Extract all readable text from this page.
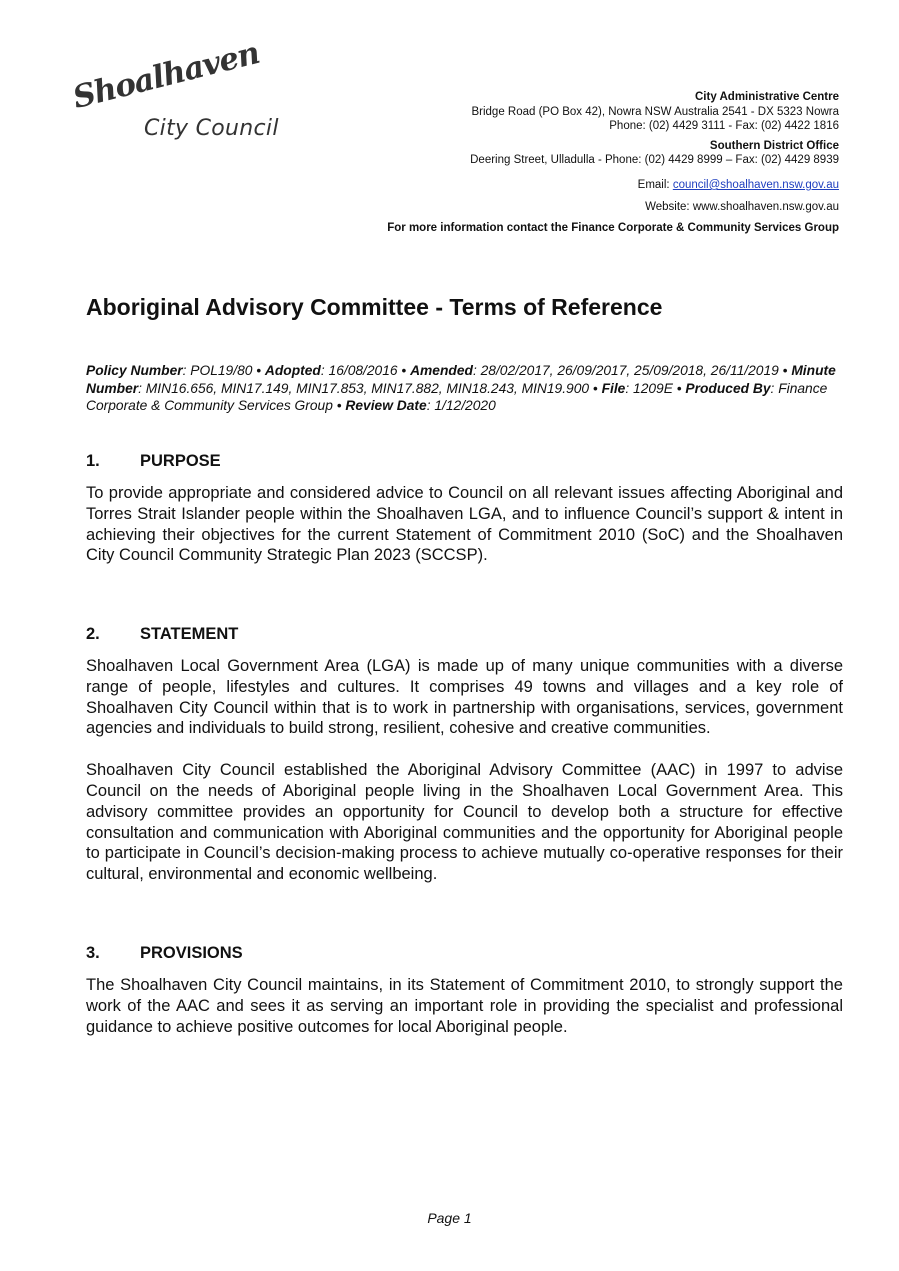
Shoalhaven
City Council
City Administrative Centre
Bridge Road (PO Box 42), Nowra NSW Australia 2541 - DX 5323 Nowra
Phone: (02) 4429 3111 - Fax: (02) 4422 1816
Southern District Office
Deering Street, Ulladulla - Phone: (02) 4429 8999 – Fax: (02) 4429 8939
Email: council@shoalhaven.nsw.gov.au
Website: www.shoalhaven.nsw.gov.au
For more information contact the Finance Corporate & Community Services Group
Aboriginal Advisory Committee - Terms of Reference
Policy Number: POL19/80 • Adopted: 16/08/2016 • Amended: 28/02/2017, 26/09/2017, 25/09/2018, 26/11/2019 • Minute Number: MIN16.656, MIN17.149, MIN17.853, MIN17.882, MIN18.243, MIN19.900 • File: 1209E • Produced By: Finance Corporate & Community Services Group • Review Date: 1/12/2020
1. PURPOSE
To provide appropriate and considered advice to Council on all relevant issues affecting Aboriginal and Torres Strait Islander people within the Shoalhaven LGA, and to influence Council’s support & intent in achieving their objectives for the current Statement of Commitment 2010 (SoC) and the Shoalhaven City Council Community Strategic Plan 2023 (SCCSP).
2. STATEMENT
Shoalhaven Local Government Area (LGA) is made up of many unique communities with a diverse range of people, lifestyles and cultures. It comprises 49 towns and villages and a key role of Shoalhaven City Council within that is to work in partnership with organisations, services, government agencies and individuals to build strong, resilient, cohesive and creative communities.
Shoalhaven City Council established the Aboriginal Advisory Committee (AAC) in 1997 to advise Council on the needs of Aboriginal people living in the Shoalhaven Local Government Area. This advisory committee provides an opportunity for Council to develop both a structure for effective consultation and communication with Aboriginal communities and the opportunity for Aboriginal people to participate in Council’s decision-making process to achieve mutually co-operative responses for their cultural, environmental and economic wellbeing.
3. PROVISIONS
The Shoalhaven City Council maintains, in its Statement of Commitment 2010, to strongly support the work of the AAC and sees it as serving an important role in providing the specialist and professional guidance to achieve positive outcomes for local Aboriginal people.
Page 1
